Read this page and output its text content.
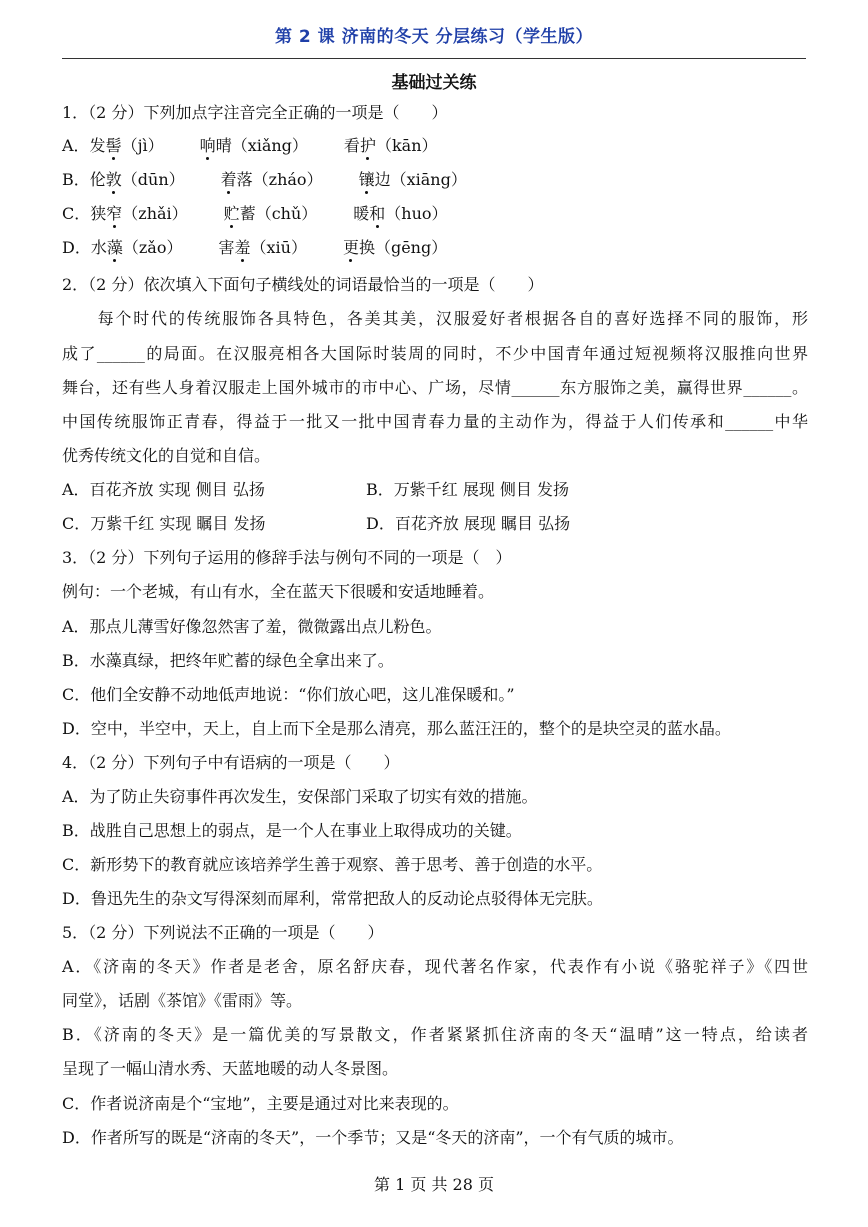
第 2 课 济南的冬天 分层练习（学生版）
基础过关练
1．（2 分）下列加点字注音完全正确的一项是（　　）
A．发髻（jì） 响晴（xiǎng） 看护（kān）
B．伦敦（dūn） 着落（zháo） 镶边（xiāng）
C．狭窄（zhǎi） 贮蓄（chǔ） 暖和（huo）
D．水藻（zǎo） 害羞（xiū） 更换（gēng）
2．（2 分）依次填入下面句子横线处的词语最恰当的一项是（　　）
　　每个时代的传统服饰各具特色，各美其美，汉服爱好者根据各自的喜好选择不同的服饰，形
成了______的局面。在汉服亮相各大国际时装周的同时，不少中国青年通过短视频将汉服推向世界
舞台，还有些人身着汉服走上国外城市的市中心、广场，尽情______东方服饰之美，赢得世界______。
中国传统服饰正青春，得益于一批又一批中国青春力量的主动作为，得益于人们传承和______中华
优秀传统文化的自觉和自信。
A．百花齐放 实现 侧目 弘扬	B．万紫千红 展现 侧目 发扬
C．万紫千红 实现 瞩目 发扬	D．百花齐放 展现 瞩目 弘扬
3．（2 分）下列句子运用的修辞手法与例句不同的一项是（　）
例句：一个老城，有山有水，全在蓝天下很暖和安适地睡着。
A．那点儿薄雪好像忽然害了羞，微微露出点儿粉色。
B．水藻真绿，把终年贮蓄的绿色全拿出来了。
C．他们全安静不动地低声地说：“你们放心吧，这儿准保暖和。”
D．空中，半空中，天上，自上而下全是那么清亮，那么蓝汪汪的，整个的是块空灵的蓝水晶。
4．（2 分）下列句子中有语病的一项是（　　）
A．为了防止失窃事件再次发生，安保部门采取了切实有效的措施。
B．战胜自己思想上的弱点，是一个人在事业上取得成功的关键。
C．新形势下的教育就应该培养学生善于观察、善于思考、善于创造的水平。
D．鲁迅先生的杂文写得深刻而犀利，常常把敌人的反动论点驳得体无完肤。
5．（2 分）下列说法不正确的一项是（　　）
A．《济南的冬天》作者是老舍，原名舒庆春，现代著名作家，代表作有小说《骆驼祥子》《四世
同堂》，话剧《茶馆》《雷雨》等。
B．《济南的冬天》是一篇优美的写景散文，作者紧紧抓住济南的冬天“温晴”这一特点，给读者
呈现了一幅山清水秀、天蓝地暖的动人冬景图。
C．作者说济南是个“宝地”，主要是通过对比来表现的。
D．作者所写的既是“济南的冬天”，一个季节；又是“冬天的济南”，一个有气质的城市。
第 1 页 共 28 页
